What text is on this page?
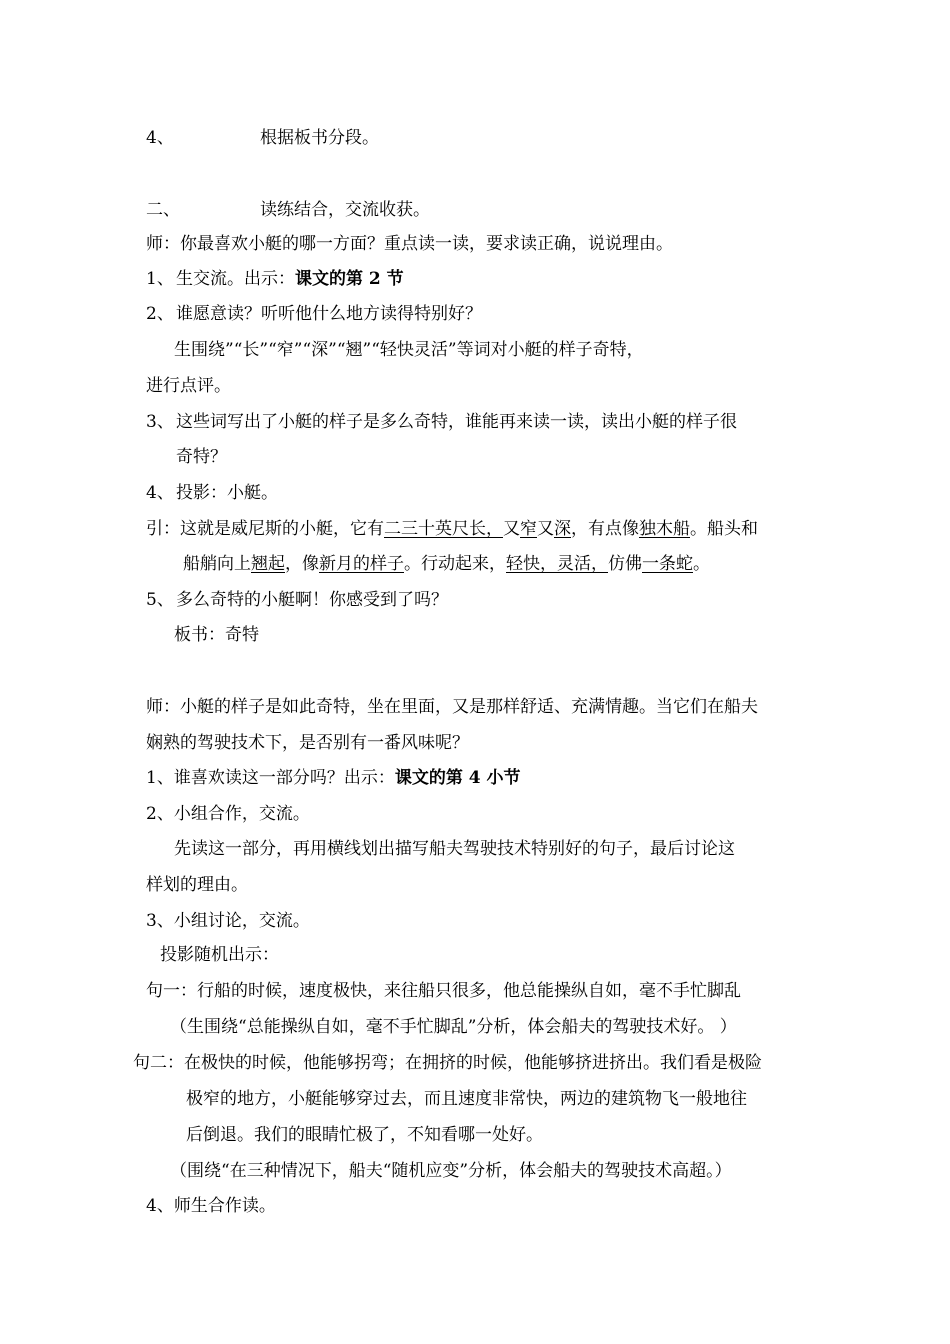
4、	根据板书分段。
二、	读练结合，交流收获。
师：你最喜欢小艇的哪一方面？重点读一读，要求读正确，说说理由。
1、 生交流。出示：课文的第 2 节
2、 谁愿意读？听听他什么地方读得特别好？
生围绕”“长”“窄”“深”“翘”“轻快灵活”等词对小艇的样子奇特，
进行点评。
3、 这些词写出了小艇的样子是多么奇特，谁能再来读一读，读出小艇的样子很
奇特？
4、 投影：小艇。
引：这就是威尼斯的小艇，它有二三十英尺长，又窄又深，有点像独木船。船头和
船艄向上翘起，像新月的样子。行动起来，轻快，灵活，仿佛一条蛇。
5、 多么奇特的小艇啊！你感受到了吗？
板书：奇特
师：小艇的样子是如此奇特，坐在里面，又是那样舒适、充满情趣。当它们在船夫
娴熟的驾驶技术下，是否别有一番风味呢？
1、谁喜欢读这一部分吗？出示：课文的第 4 小节
2、小组合作，交流。
先读这一部分，再用横线划出描写船夫驾驶技术特别好的句子，最后讨论这
样划的理由。
3、小组讨论，交流。
投影随机出示：
句一：行船的时候，速度极快，来往船只很多，他总能操纵自如，毫不手忙脚乱
（生围绕“总能操纵自如，毫不手忙脚乱”分析，体会船夫的驾驶技术好。 ）
句二：在极快的时候，他能够拐弯；在拥挤的时候，他能够挤进挤出。我们看是极险
极窄的地方，小艇能够穿过去，而且速度非常快，两边的建筑物飞一般地往
后倒退。我们的眼睛忙极了，不知看哪一处好。
（围绕“在三种情况下，船夫“随机应变”分析，体会船夫的驾驶技术高超。）
4、师生合作读。
